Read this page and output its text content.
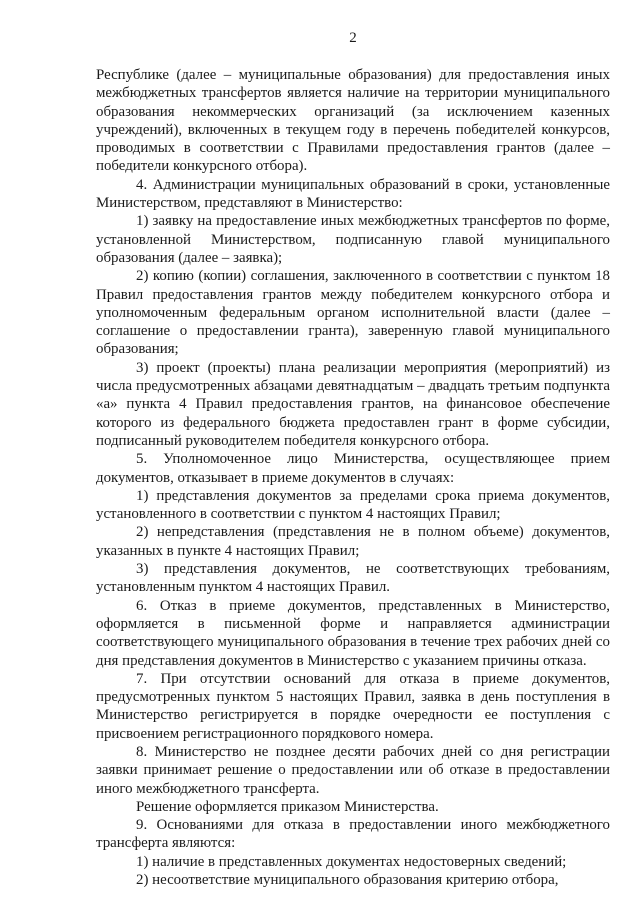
2

Республике (далее – муниципальные образования) для предоставления иных межбюджетных трансфертов является наличие на территории муниципального образования некоммерческих организаций (за исключением казенных учреждений), включенных в текущем году в перечень победителей конкурсов, проводимых в соответствии с Правилами предоставления грантов (далее – победители конкурсного отбора).

4. Администрации муниципальных образований в сроки, установленные Министерством, представляют в Министерство:

1) заявку на предоставление иных межбюджетных трансфертов по форме, установленной Министерством, подписанную главой муниципального образования (далее – заявка);

2) копию (копии) соглашения, заключенного в соответствии с пунктом 18 Правил предоставления грантов между победителем конкурсного отбора и уполномоченным федеральным органом исполнительной власти (далее – соглашение о предоставлении гранта), заверенную главой муниципального образования;

3) проект (проекты) плана реализации мероприятия (мероприятий) из числа предусмотренных абзацами девятнадцатым – двадцать третьим подпункта «а» пункта 4 Правил предоставления грантов, на финансовое обеспечение которого из федерального бюджета предоставлен грант в форме субсидии, подписанный руководителем победителя конкурсного отбора.

5. Уполномоченное лицо Министерства, осуществляющее прием документов, отказывает в приеме документов в случаях:

1) представления документов за пределами срока приема документов, установленного в соответствии с пунктом 4 настоящих Правил;

2) непредставления (представления не в полном объеме) документов, указанных в пункте 4 настоящих Правил;

3) представления документов, не соответствующих требованиям, установленным пунктом 4 настоящих Правил.

6. Отказ в приеме документов, представленных в Министерство, оформляется в письменной форме и направляется администрации соответствующего муниципального образования в течение трех рабочих дней со дня представления документов в Министерство с указанием причины отказа.

7. При отсутствии оснований для отказа в приеме документов, предусмотренных пунктом 5 настоящих Правил, заявка в день поступления в Министерство регистрируется в порядке очередности ее поступления с присвоением регистрационного порядкового номера.

8. Министерство не позднее десяти рабочих дней со дня регистрации заявки принимает решение о предоставлении или об отказе в предоставлении иного межбюджетного трансферта.

Решение оформляется приказом Министерства.

9. Основаниями для отказа в предоставлении иного межбюджетного трансферта являются:

1) наличие в представленных документах недостоверных сведений;

2) несоответствие муниципального образования критерию отбора,
